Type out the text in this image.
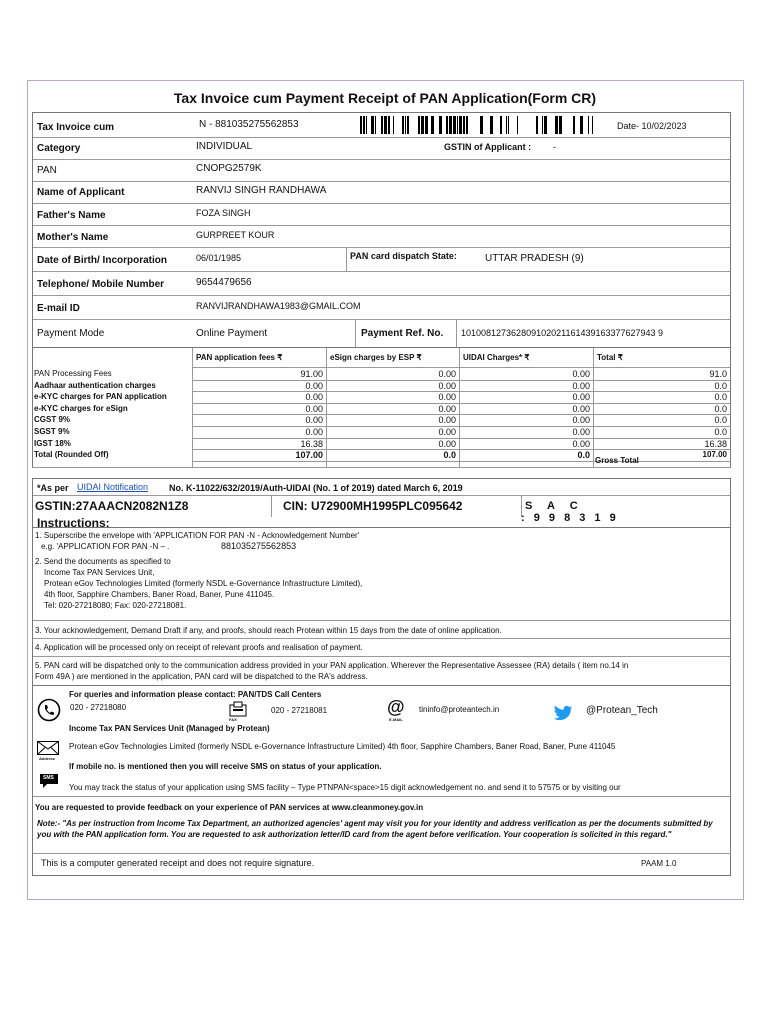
Tax Invoice cum Payment Receipt of PAN Application(Form CR)
Tax Invoice cum	N - 881035275562853	Date- 10/02/2023
Category	INDIVIDUAL	GSTIN of Applicant : -
PAN	CNOPG2579K
Name of Applicant	RANVIJ SINGH RANDHAWA
Father's Name	FOZA SINGH
Mother's Name	GURPREET KOUR
Date of Birth/ Incorporation	06/01/1985	PAN card dispatch State:	UTTAR PRADESH (9)
Telephone/ Mobile Number	9654479656
E-mail ID	RANVIJRANDHAWA1983@GMAIL.COM
Payment Mode	Online Payment	Payment Ref. No. 101008127362809102021161439163377627943 9
PAN application fees ₹	eSign charges by ESP ₹	UIDAI Charges* ₹	Total ₹
PAN Processing Fees	91.00	0.00	0.00	91.0
Aadhaar authentication charges	0.00	0.00	0.00	0.0
e-KYC charges for PAN application	0.00	0.00	0.00	0.0
e-KYC charges for eSign	0.00	0.00	0.00	0.0
CGST 9%	0.00	0.00	0.00	0.0
SGST 9%	0.00	0.00	0.00	0.0
IGST 18%	16.38	0.00	0.00	16.38
Total (Rounded Off)	107.00	0.0	0.0	107.00
Gross Total
*As per UIDAI Notification No. K-11022/632/2019/Auth-UIDAI (No. 1 of 2019) dated March 6, 2019
GSTIN:27AAACN2082N1Z8	CIN: U72900MH1995PLC095642	S  A  C
: 9 9 8 3 1 9
Instructions:
1. Superscribe the envelope with 'APPLICATION FOR PAN -N - Acknowledgement Number'
e.g. 'APPLICATION FOR PAN -N – .	881035275562853
2. Send the documents as specified to
Income Tax PAN Services Unit,
Protean eGov Technologies Limited (formerly NSDL e-Governance Infrastructure Limited),
4th floor, Sapphire Chambers, Baner Road, Baner, Pune 411045.
Tel: 020-27218080; Fax: 020-27218081.
3. Your acknowledgement, Demand Draft if any, and proofs, should reach Protean within 15 days from the date of online application.
4. Application will be processed only on receipt of relevant proofs and realisation of payment.
5. PAN card will be dispatched only to the communication address provided in your PAN application. Wherever the Representative Assessee (RA) details ( item no.14 in
Form 49A ) are mentioned in the application, PAN card will be dispatched to the RA's address.
For queries and information please contact: PAN/TDS Call Centers
020 - 27218080
FAX
020 - 27218081	@
E-MAIL
tininfo@proteantech.in	@Protean_Tech
Income Tax PAN Services Unit (Managed by Protean)
Address
Protean eGov Technologies Limited (formerly NSDL e-Governance Infrastructure Limited) 4th floor, Sapphire Chambers, Baner Road, Baner, Pune 411045
If mobile no. is mentioned then you will receive SMS on status of your application.
SMS
You may track the status of your application using SMS facility – Type PTNPAN<space>15 digit acknowledgement no. and send it to 57575 or by visiting our
You are requested to provide feedback on your experience of PAN services at www.cleanmoney.gov.in
Note:- "As per instruction from Income Tax Department, an authorized agencies' agent may visit you for your identity and address verification as per the documents submitted by you with the PAN application form. You are requested to ask authorization letter/ID card from the agent before verification. Your cooperation is solicited in this regard."
This is a computer generated receipt and does not require signature.	PAAM 1.0
